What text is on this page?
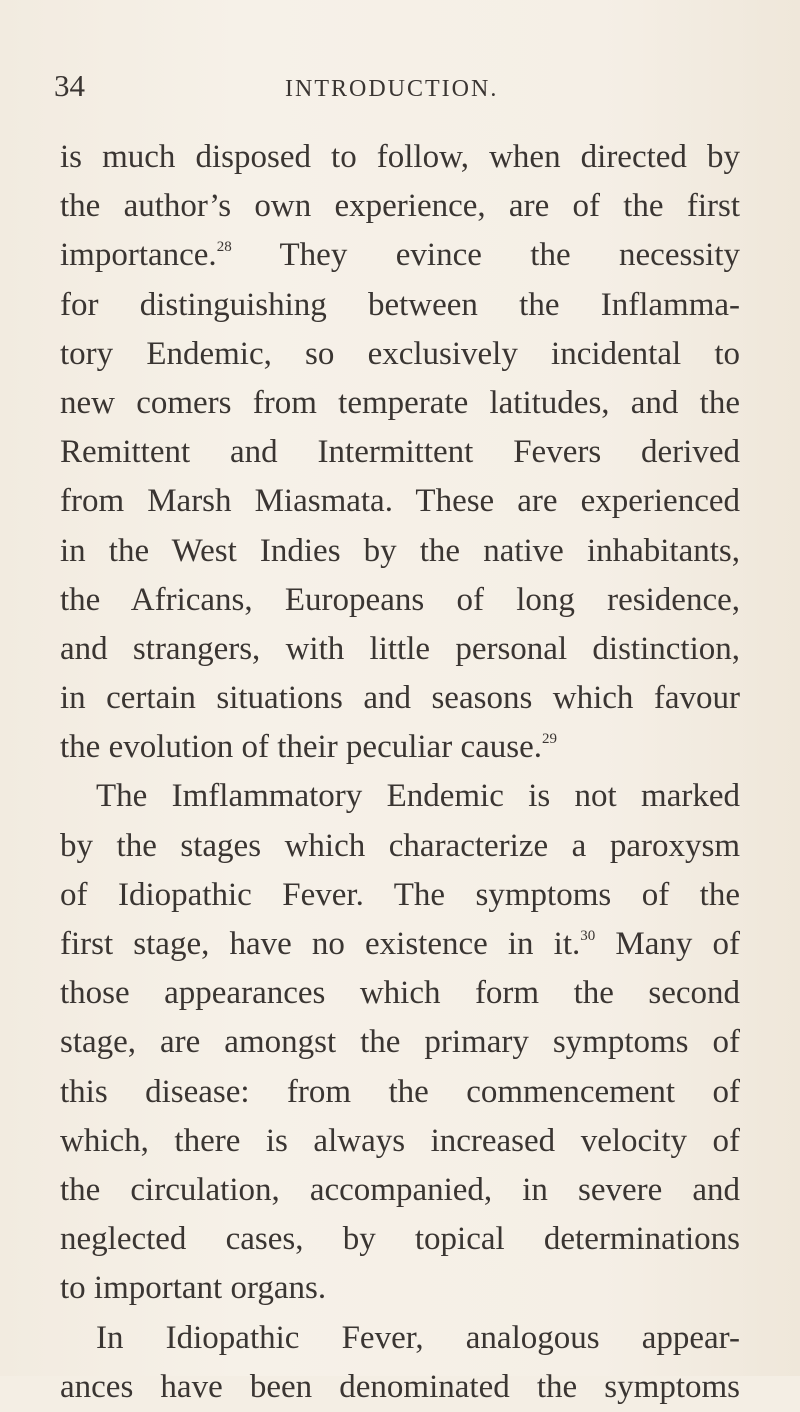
34	INTRODUCTION.
is much disposed to follow, when directed by
the author’s own experience, are of the first
importance.$^{28}$ They evince the necessity
for distinguishing between the Inflamma-
tory Endemic, so exclusively incidental to
new comers from temperate latitudes, and the
Remittent and Intermittent Fevers derived
from Marsh Miasmata. These are experienced
in the West Indies by the native inhabitants,
the Africans, Europeans of long residence,
and strangers, with little personal distinction,
in certain situations and seasons which favour
the evolution of their peculiar cause.$^{29}$
The Imflammatory Endemic is not marked
by the stages which characterize a paroxysm
of Idiopathic Fever. The symptoms of the
first stage, have no existence in it.$^{30}$ Many of
those appearances which form the second
stage, are amongst the primary symptoms of
this disease: from the commencement of
which, there is always increased velocity of
the circulation, accompanied, in severe and
neglected cases, by topical determinations
to important organs.
In Idiopathic Fever, analogous appear-
ances have been denominated the symptoms
